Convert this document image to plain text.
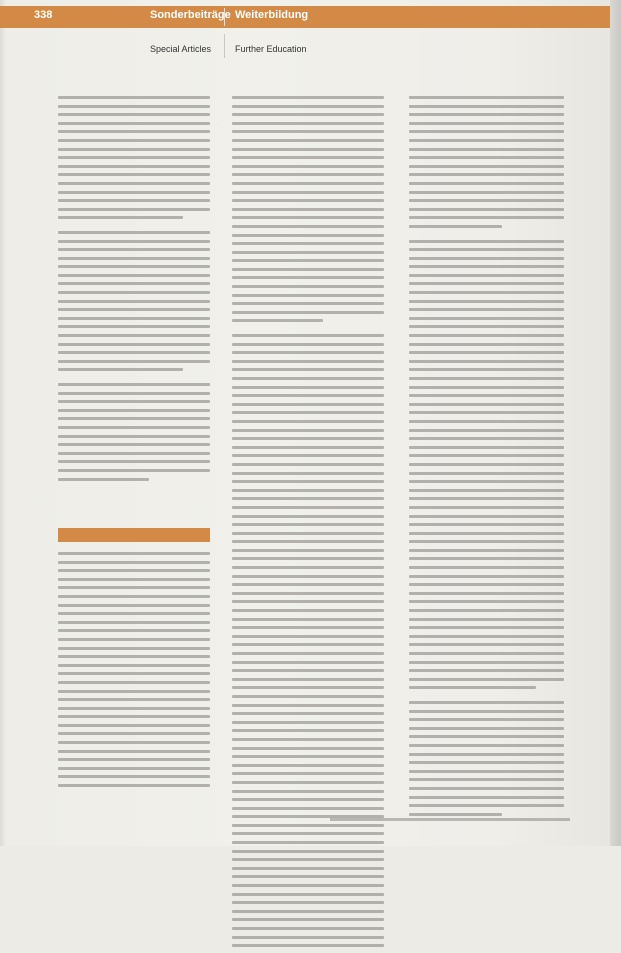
338	Sonderbeiträge Weiterbildung
Special Articles	Further Education
